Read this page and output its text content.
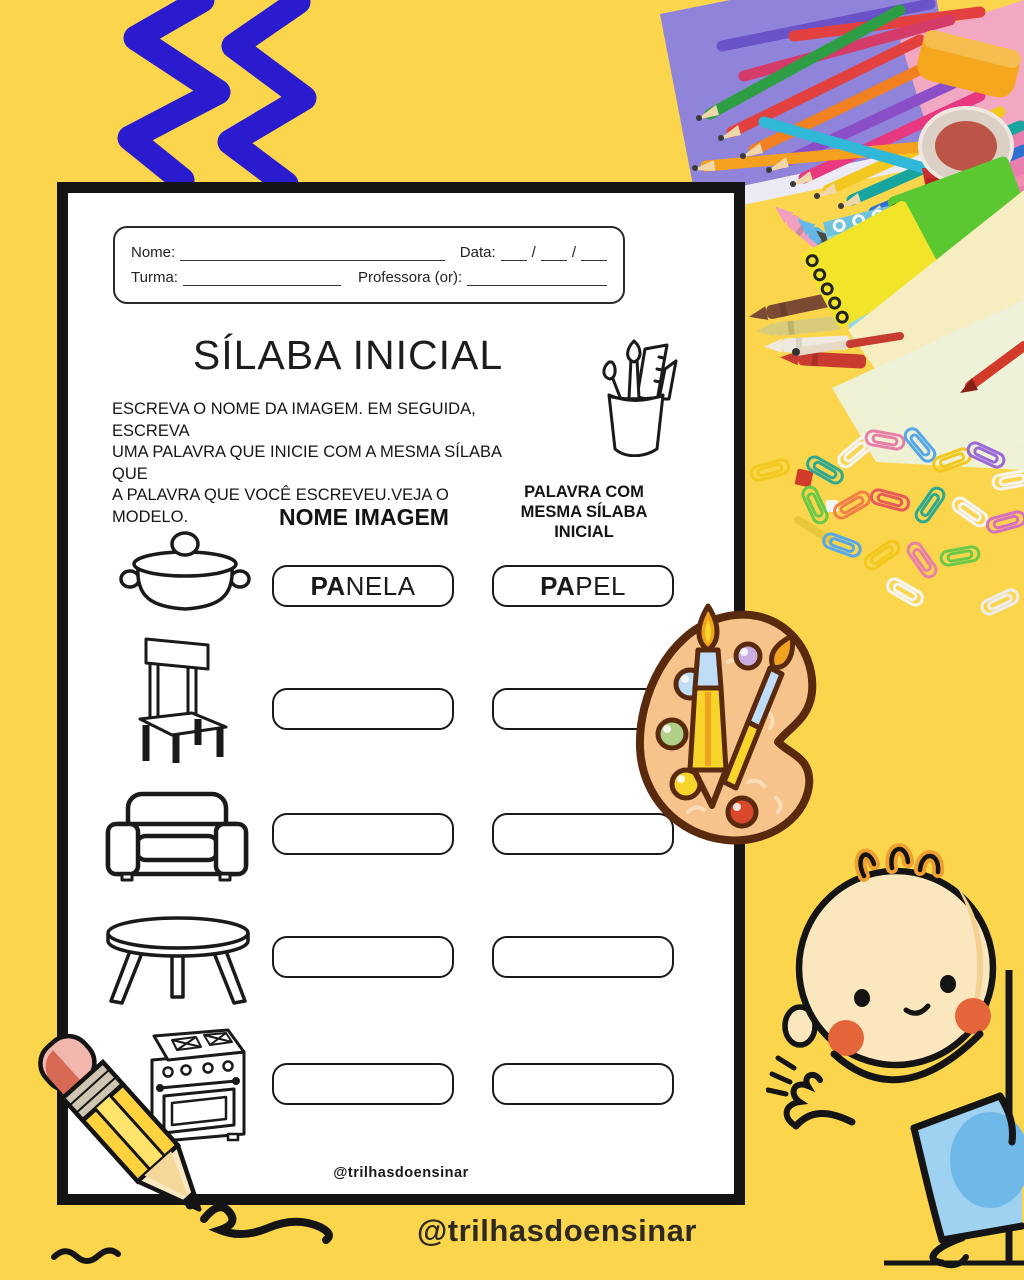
Nome:	Data: / /
Turma:	Professora (or):
SÍLABA INICIAL
ESCREVA O NOME DA IMAGEM. EM SEGUIDA, ESCREVA
UMA PALAVRA QUE INICIE COM A MESMA SÍLABA QUE
A PALAVRA QUE VOCÊ ESCREVEU.VEJA O MODELO.	NOME IMAGEM
PALAVRA COM
MESMA SÍLABA
INICIAL
PA NELA	PA PEL
@trilhasdoensinar
@trilhasdoensinar
